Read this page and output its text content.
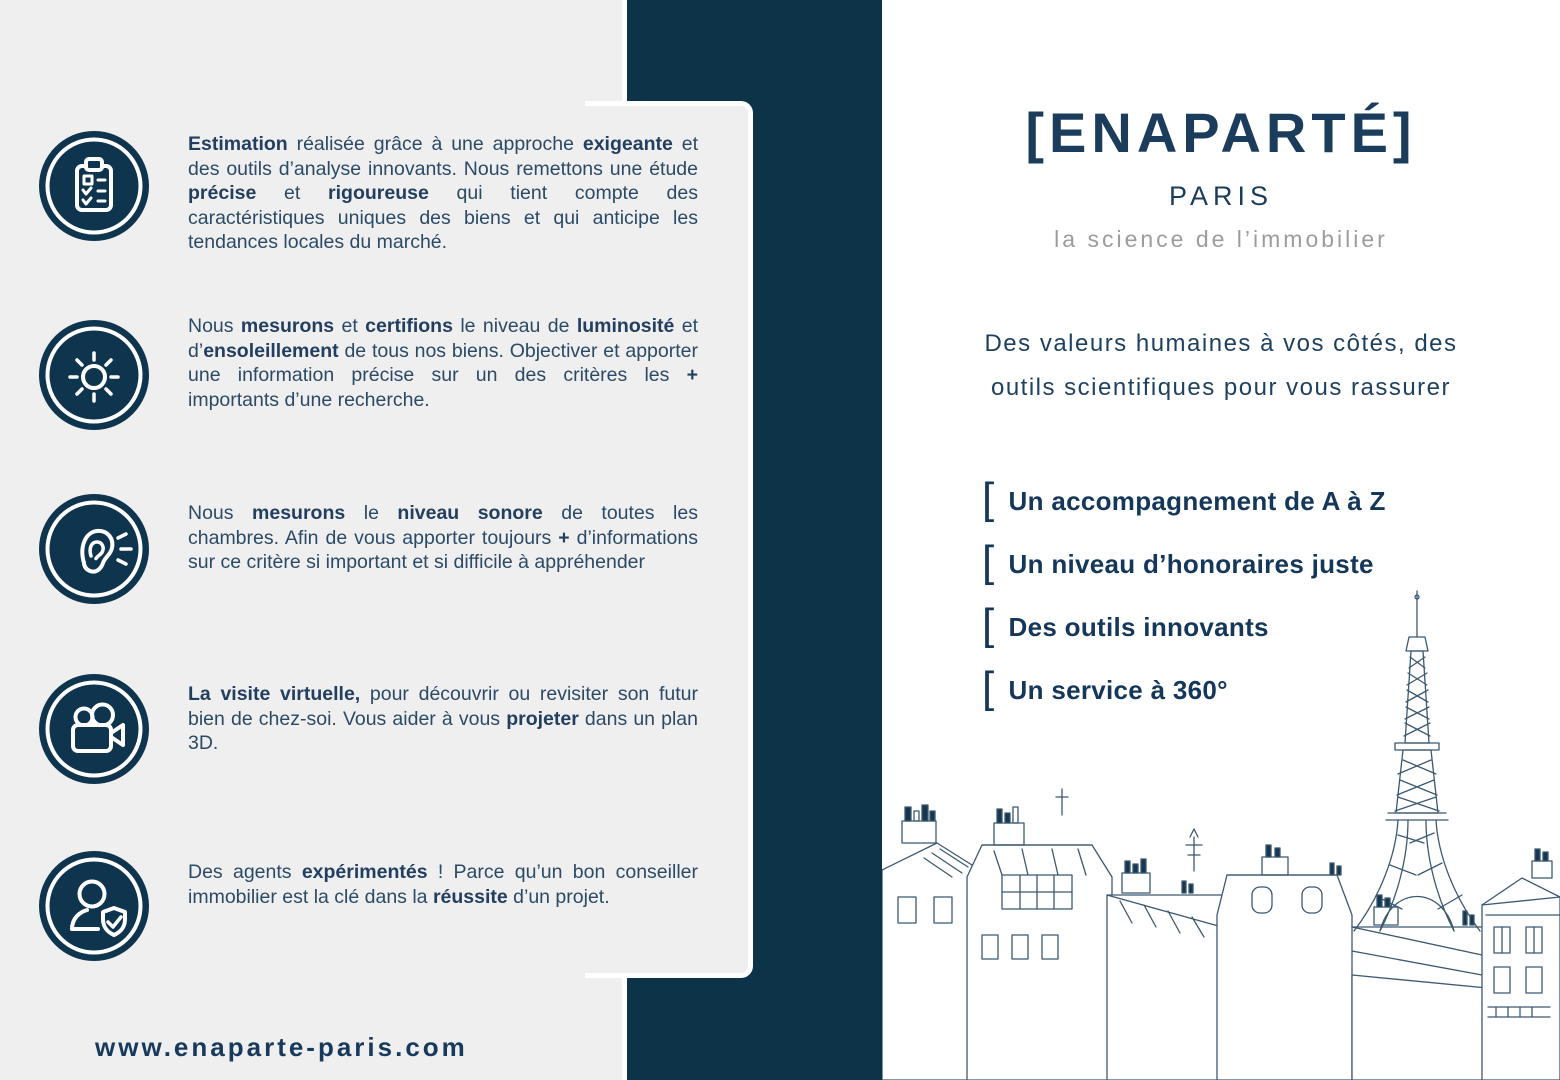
Estimation réalisée grâce à une approche exigeante et des outils d’analyse innovants. Nous remettons une étude précise et rigoureuse qui tient compte des caractéristiques uniques des biens et qui anticipe les tendances locales du marché.

Nous mesurons et certifions le niveau de luminosité et d’ensoleillement de tous nos biens. Objectiver et apporter une information précise sur un des critères les + importants d’une recherche.

Nous mesurons le niveau sonore de toutes les chambres. Afin de vous apporter toujours + d’informations sur ce critère si important et si difficile à appréhender

La visite virtuelle, pour découvrir ou revisiter son futur bien de chez-soi. Vous aider à vous projeter dans un plan 3D.

Des agents expérimentés ! Parce qu’un bon conseiller immobilier est la clé dans la réussite d’un projet.

www.enaparte-paris.com
[ENAPARTÉ]
PARIS
la science de l’immobilier
Des valeurs humaines à vos côtés, des
outils scientifiques pour vous rassurer
[ Un accompagnement de A à Z
[ Un niveau d’honoraires juste
[ Des outils innovants
[ Un service à 360°
